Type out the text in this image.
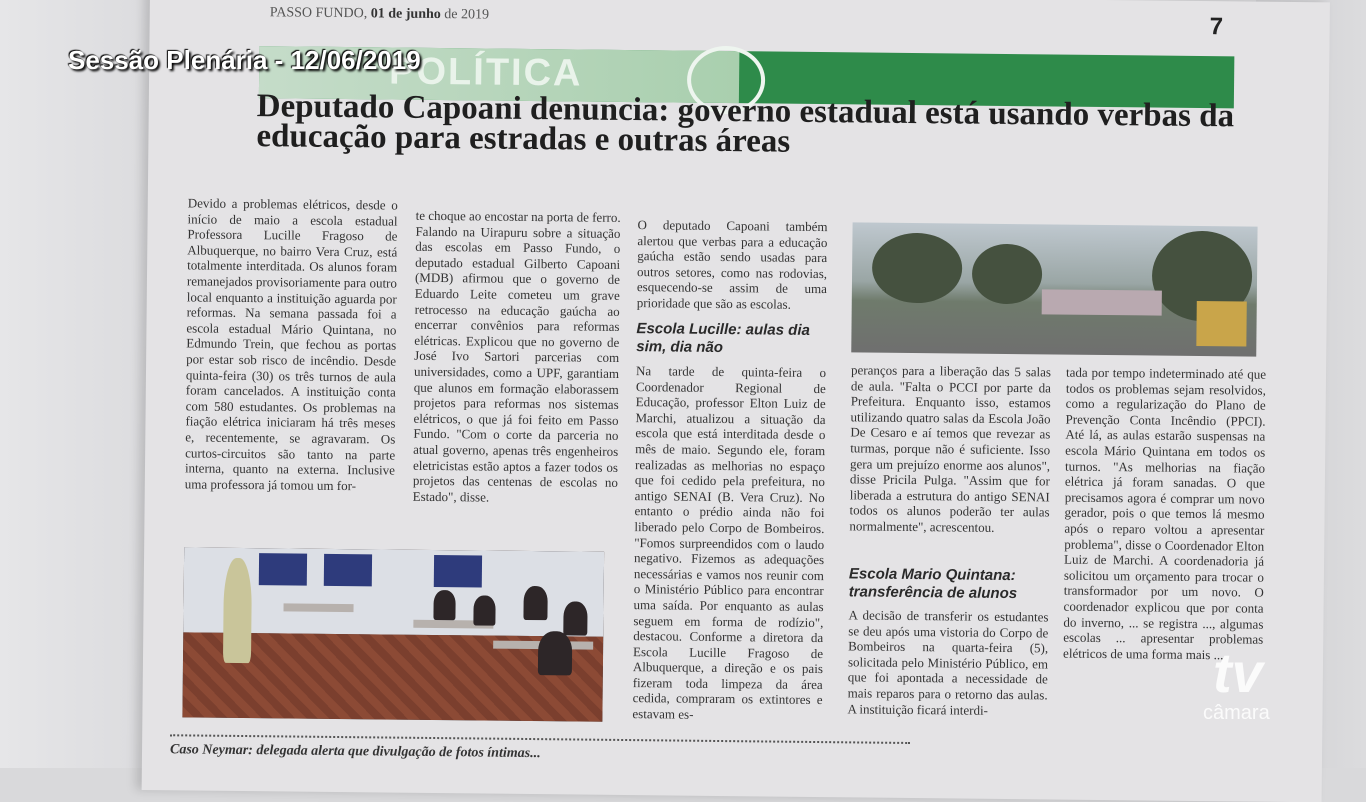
PASSO FUNDO, 01 de junho de 2019	7
POLÍTICA
Deputado Capoani denuncia: governo estadual está usando verbas da educação para estradas e outras áreas
Devido a problemas elétricos, desde o início de maio a escola estadual Professora Lucille Fragoso de Albuquerque, no bairro Vera Cruz, está totalmente interditada. Os alunos foram remanejados provisoriamente para outro local enquanto a instituição aguarda por reformas. Na semana passada foi a escola estadual Mário Quintana, no Edmundo Trein, que fechou as portas por estar sob risco de incêndio. Desde quinta-feira (30) os três turnos de aula foram cancelados. A instituição conta com 580 estudantes. Os problemas na fiação elétrica iniciaram há três meses e, recentemente, se agravaram. Os curtos-circuitos são tanto na parte interna, quanto na externa. Inclusive uma professora já tomou um for-
te choque ao encostar na porta de ferro. Falando na Uirapuru sobre a situação das escolas em Passo Fundo, o deputado estadual Gilberto Capoani (MDB) afirmou que o governo de Eduardo Leite cometeu um grave retrocesso na educação gaúcha ao encerrar convênios para reformas elétricas. Explicou que no governo de José Ivo Sartori parcerias com universidades, como a UPF, garantiam que alunos em formação elaborassem projetos para reformas nos sistemas elétricos, o que já foi feito em Passo Fundo. "Com o corte da parceria no atual governo, apenas três engenheiros eletricistas estão aptos a fazer todos os projetos das centenas de escolas no Estado", disse.
O deputado Capoani também alertou que verbas para a educação gaúcha estão sendo usadas para outros setores, como nas rodovias, esquecendo-se assim de uma prioridade que são as escolas.
Escola Lucille: aulas dia sim, dia não
Na tarde de quinta-feira o Coordenador Regional de Educação, professor Elton Luiz de Marchi, atualizou a situação da escola que está interditada desde o mês de maio. Segundo ele, foram realizadas as melhorias no espaço que foi cedido pela prefeitura, no antigo SENAI (B. Vera Cruz). No entanto o prédio ainda não foi liberado pelo Corpo de Bombeiros. "Fomos surpreendidos com o laudo negativo. Fizemos as adequações necessárias e vamos nos reunir com o Ministério Público para encontrar uma saída. Por enquanto as aulas seguem em forma de rodízio", destacou. Conforme a diretora da Escola Lucille Fragoso de Albuquerque, a direção e os pais fizeram toda limpeza da área cedida, compraram os extintores e estavam es-
peranços para a liberação das 5 salas de aula. "Falta o PCCI por parte da Prefeitura. Enquanto isso, estamos utilizando quatro salas da Escola João De Cesaro e aí temos que revezar as turmas, porque não é suficiente. Isso gera um prejuízo enorme aos alunos", disse Pricila Pulga. "Assim que for liberada a estrutura do antigo SENAI todos os alunos poderão ter aulas normalmente", acrescentou.
Escola Mario Quintana: transferência de alunos
A decisão de transferir os estudantes se deu após uma vistoria do Corpo de Bombeiros na quarta-feira (5), solicitada pelo Ministério Público, em que foi apontada a necessidade de mais reparos para o retorno das aulas. A instituição ficará interdi-
tada por tempo indeterminado até que todos os problemas sejam resolvidos, como a regularização do Plano de Prevenção Conta Incêndio (PPCI). Até lá, as aulas estarão suspensas na escola Mário Quintana em todos os turnos. "As melhorias na fiação elétrica já foram sanadas. O que precisamos agora é comprar um novo gerador, pois o que temos lá mesmo após o reparo voltou a apresentar problema", disse o Coordenador Elton Luiz de Marchi. A coordenadoria já solicitou um orçamento para trocar o transformador por um novo. O coordenador explicou que por conta do inverno, ... se registra ..., algumas escolas ... apresentar problemas elétricos de uma forma mais ...
Caso Neymar: delegada alerta que divulgação de fotos íntimas...
Sessão Plenária - 12/06/2019
tv
câmara
